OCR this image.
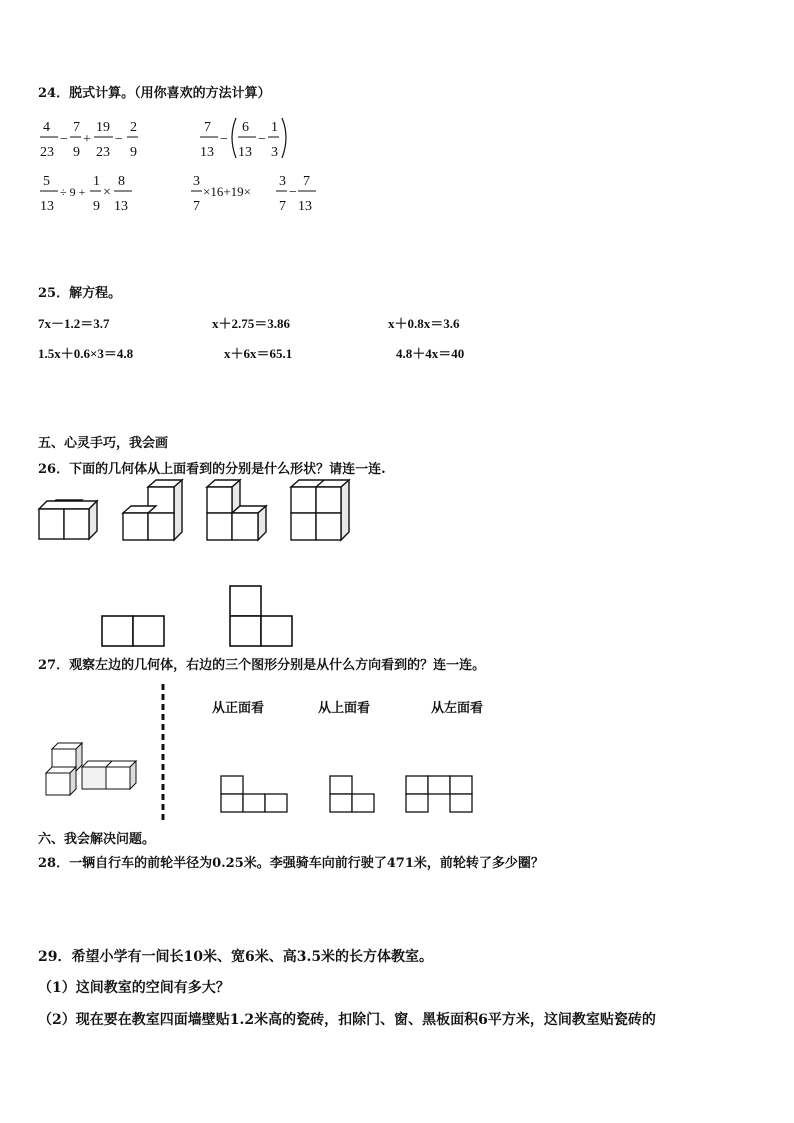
24．脱式计算。（用你喜欢的方法计算）
4
23
−
7
9
+
19
23
−
2
9
7
13
−
6
13
−
1
3
5
13
÷ 9 +
1
9
×
8
13
3
7
×16+19×
3
7
−
7
13
25．解方程。
7x－1.2＝3.7	x＋2.75＝3.86	x＋0.8x＝3.6
1.5x＋0.6×3＝4.8	x＋6x＝65.1	4.8＋4x＝40
五、心灵手巧，我会画
26．下面的几何体从上面看到的分别是什么形状？请连一连.
27．观察左边的几何体，右边的三个图形分别是从什么方向看到的？连一连。
从正面看	从上面看	从左面看
六、我会解决问题。
28．一辆自行车的前轮半径为0.25米。李强骑车向前行驶了471米，前轮转了多少圈？
29．希望小学有一间长10米、宽6米、高3.5米的长方体教室。
（1）这间教室的空间有多大？
（2）现在要在教室四面墙壁贴1.2米高的瓷砖，扣除门、窗、黑板面积6平方米，这间教室贴瓷砖的
